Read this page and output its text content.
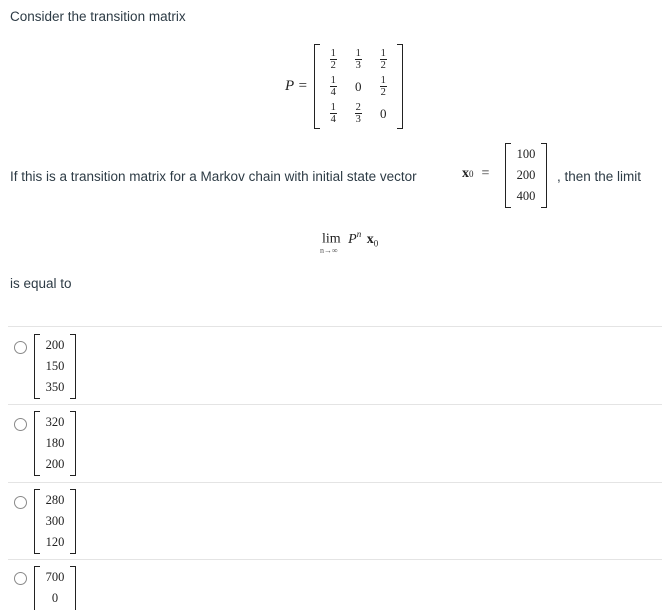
Consider the transition matrix
P =
$\frac{1}{2} \frac{1}{3} \frac{1}{2}$
$\frac{1}{4}$	0	$\frac{1}{2}$
$\frac{1}{4} \frac{2}{3}$	0
If this is a transition matrix for a Markov chain with initial state vector	x 0 =
100
200
400
, then the limit
$\lim P^n$ $x_0$
n→∞
is equal to
200
150
350
320
180
200
280
300
120
700
0
